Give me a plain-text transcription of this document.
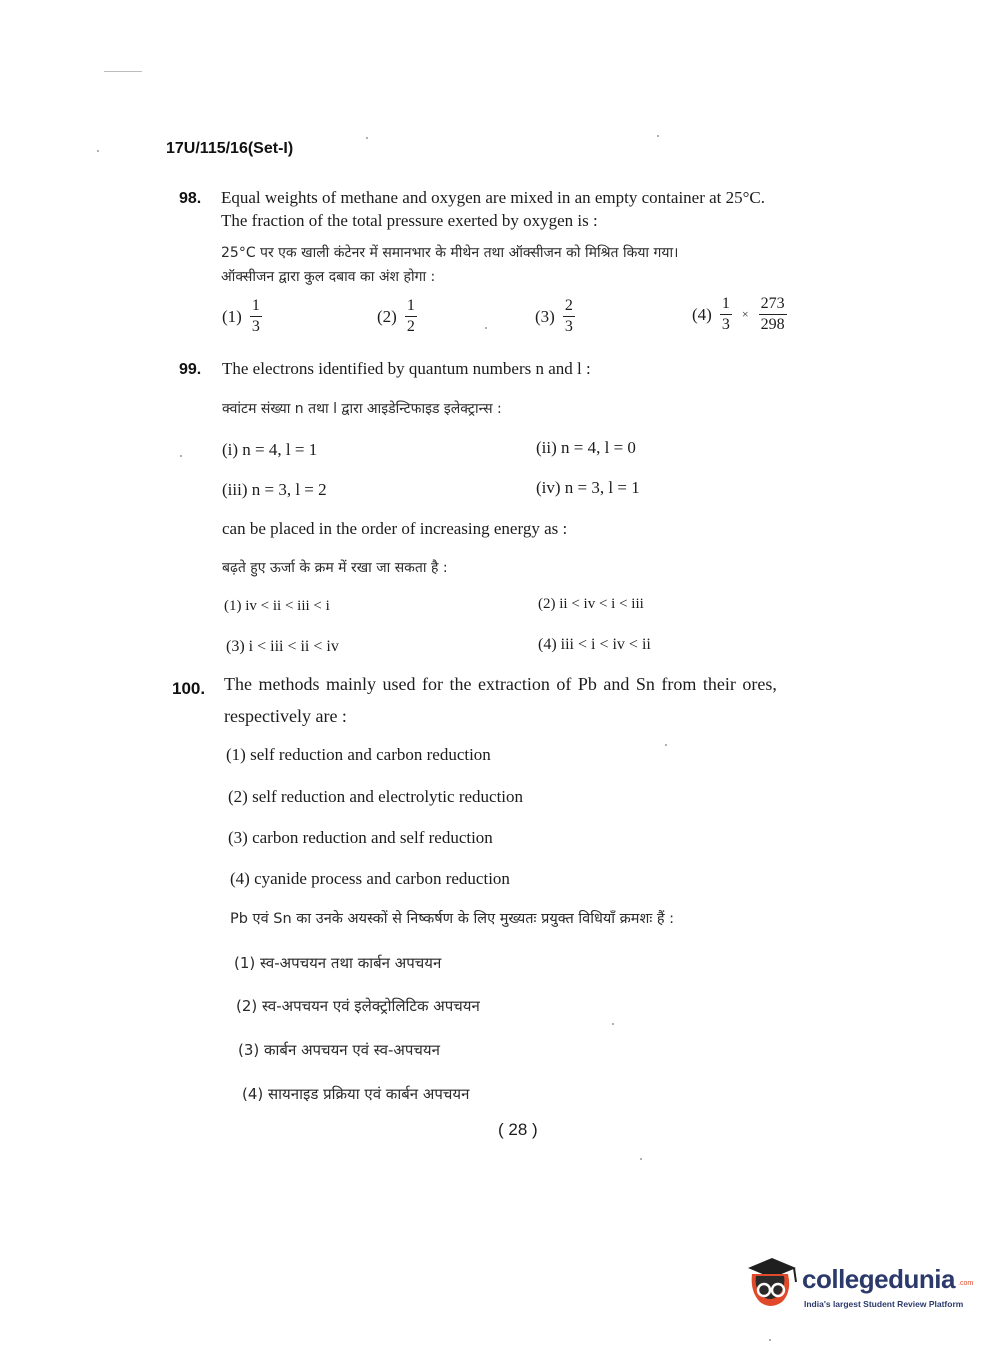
17U/115/16(Set-I)
98. Equal weights of methane and oxygen are mixed in an empty container at 25°C.
The fraction of the total pressure exerted by oxygen is :
25°C पर एक खाली कंटेनर में समानभार के मीथेन तथा ऑक्सीजन को मिश्रित किया गया।
ऑक्सीजन द्वारा कुल दबाव का अंश होगा :
$(1) \frac{1}{3}$	$(2) \frac{1}{2}$	$(3) \frac{2}{3}$	$(4) \frac{1}{3} \times \frac{273}{298}$
99. The electrons identified by quantum numbers n and l :
क्वांटम संख्या n तथा l द्वारा आइडेन्टिफाइड इलेक्ट्रान्स :
(i) n = 4, l = 1	(ii) n = 4, l = 0
(iii) n = 3, l = 2	(iv) n = 3, l = 1
can be placed in the order of increasing energy as :
बढ़ते हुए ऊर्जा के क्रम में रखा जा सकता है :
(1) iv < ii < iii < i	(2) ii < iv < i < iii
(3) i < iii < ii < iv	(4) iii < i < iv < ii
100. The methods mainly used for the extraction of Pb and Sn from their ores,
respectively are :
(1) self reduction and carbon reduction
(2) self reduction and electrolytic reduction
(3) carbon reduction and self reduction
(4) cyanide process and carbon reduction
Pb एवं Sn का उनके अयस्कों से निष्कर्षण के लिए मुख्यतः प्रयुक्त विधियाँ क्रमशः हैं :
(1) स्व-अपचयन तथा कार्बन अपचयन
(2) स्व-अपचयन एवं इलेक्ट्रोलिटिक अपचयन
(3) कार्बन अपचयन एवं स्व-अपचयन
(4) सायनाइड प्रक्रिया एवं कार्बन अपचयन
( 28 )
collegedunia .com
India's largest Student Review Platform
